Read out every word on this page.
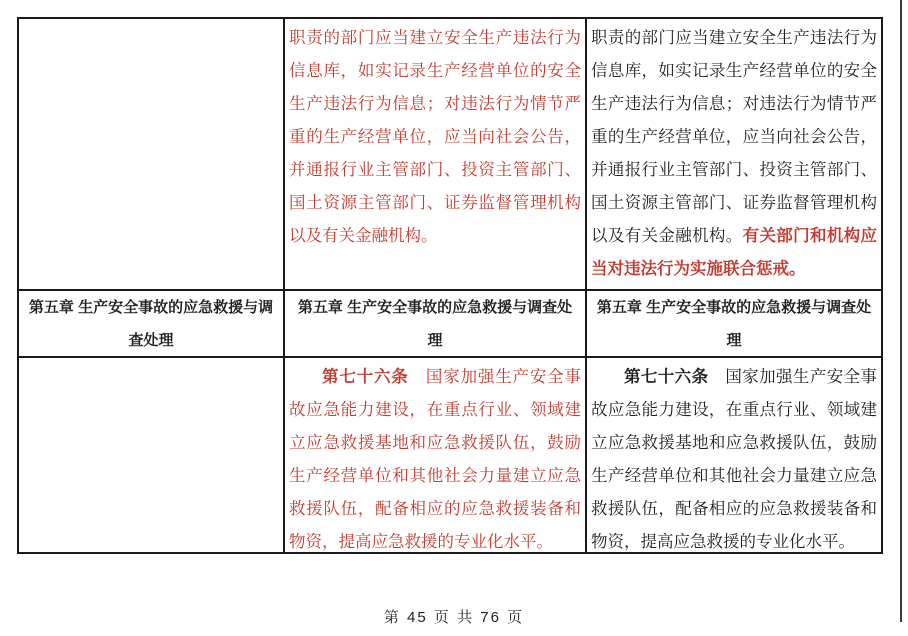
职责的部门应当建立安全生产违法行为信息库，如实记录生产经营单位的安全生产违法行为信息；对违法行为情节严重的生产经营单位，应当向社会公告，并通报行业主管部门、投资主管部门、国土资源主管部门、证券监督管理机构以及有关金融机构。

职责的部门应当建立安全生产违法行为信息库，如实记录生产经营单位的安全生产违法行为信息；对违法行为情节严重的生产经营单位，应当向社会公告，并通报行业主管部门、投资主管部门、国土资源主管部门、证券监督管理机构以及有关金融机构。有关部门和机构应当对违法行为实施联合惩戒。

第五章 生产安全事故的应急救援与调查处理
第五章 生产安全事故的应急救援与调查处理
第五章 生产安全事故的应急救援与调查处理

第七十六条　国家加强生产安全事故应急能力建设，在重点行业、领域建立应急救援基地和应急救援队伍，鼓励生产经营单位和其他社会力量建立应急救援队伍，配备相应的应急救援装备和物资，提高应急救援的专业化水平。

第七十六条　国家加强生产安全事故应急能力建设，在重点行业、领域建立应急救援基地和应急救援队伍，鼓励生产经营单位和其他社会力量建立应急救援队伍，配备相应的应急救援装备和物资，提高应急救援的专业化水平。

第 45 页 共 76 页
